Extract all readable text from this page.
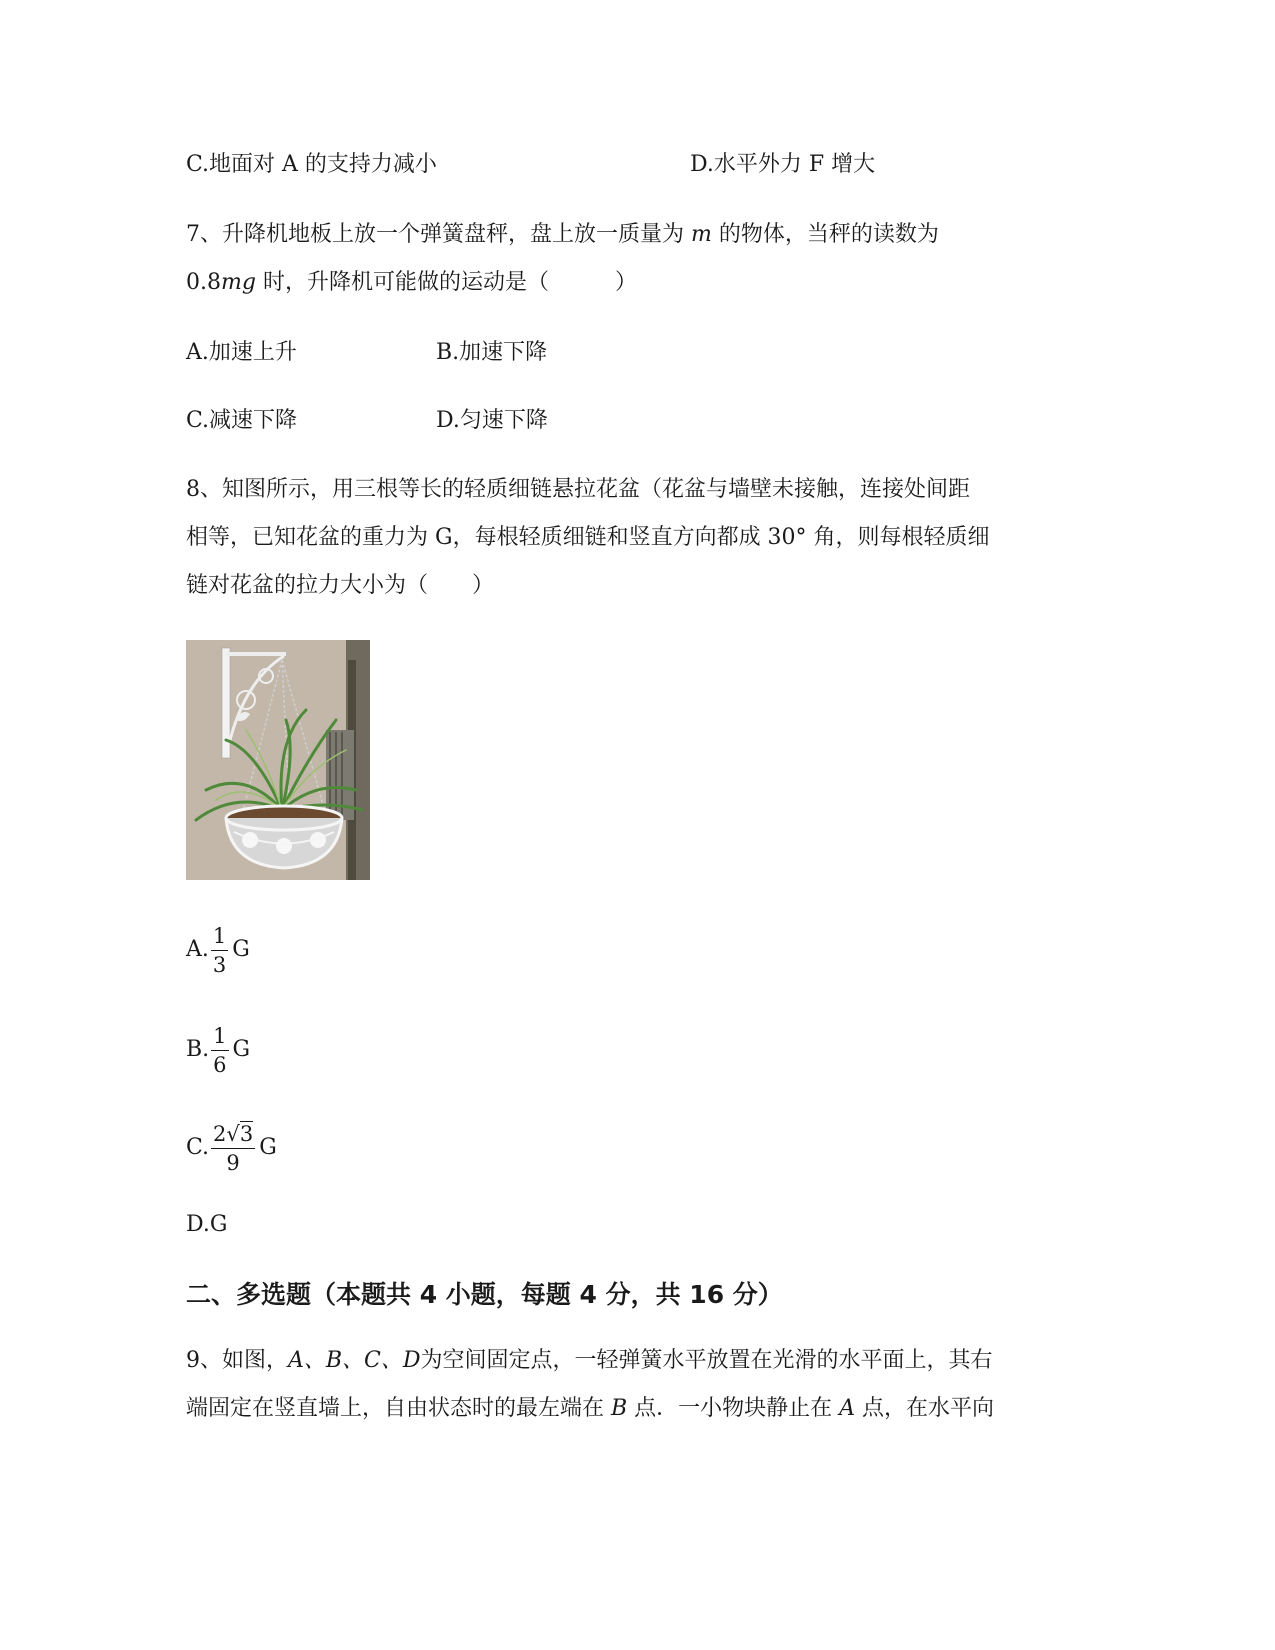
C.地面对 A 的支持力减小	D.水平外力 F 增大
7、升降机地板上放一个弹簧盘秤，盘上放一质量为 m 的物体，当秤的读数为
0.8mg 时，升降机可能做的运动是（　　　）
A.加速上升	B.加速下降
C.减速下降	D.匀速下降
8、知图所示，用三根等长的轻质细链悬拉花盆（花盆与墙壁未接触，连接处间距
相等，已知花盆的重力为 G，每根轻质细链和竖直方向都成 30° 角，则每根轻质细
链对花盆的拉力大小为（　　）
A. $\frac{1}{3}$ G
B. $\frac{1}{6}$ G
C. $\frac{2√3}{9}$ G
D.G
二、多选题（本题共 4 小题，每题 4 分，共 16 分）
9、如图，A、B、C、D为空间固定点，一轻弹簧水平放置在光滑的水平面上，其右
端固定在竖直墙上，自由状态时的最左端在 B 点．一小物块静止在 A 点，在水平向
